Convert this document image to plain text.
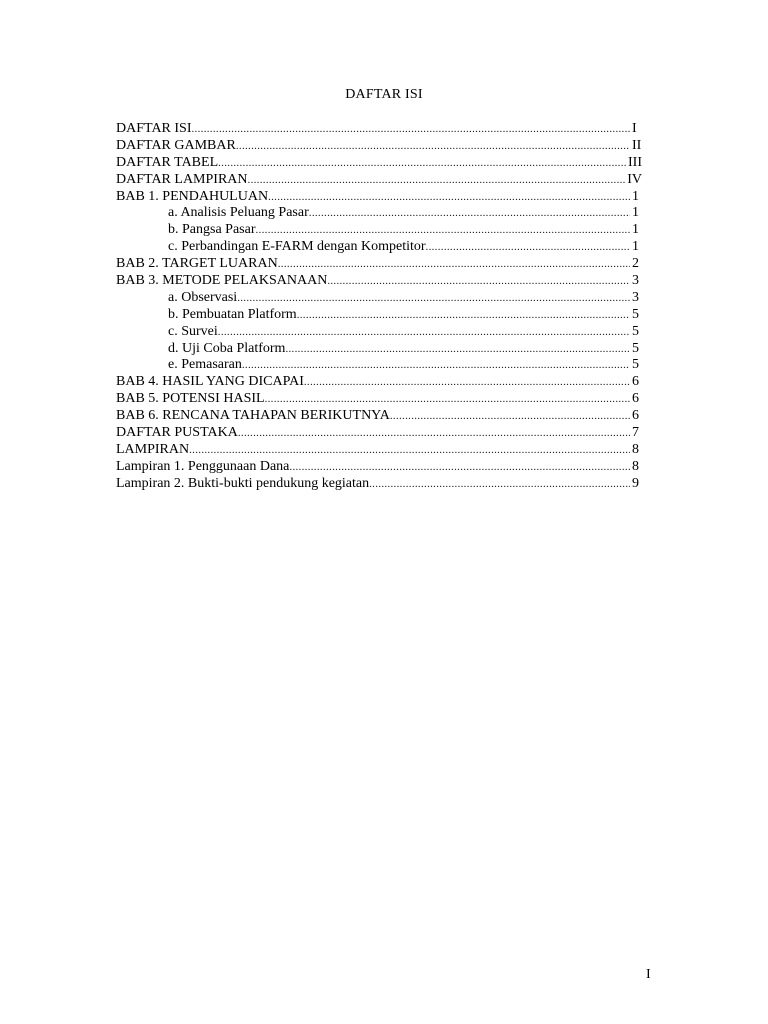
DAFTAR ISI
DAFTAR ISI .....	I
DAFTAR GAMBAR .....	II
DAFTAR TABEL .....	III
DAFTAR LAMPIRAN .....	IV
BAB 1. PENDAHULUAN .....	1
a. Analisis Peluang Pasar .....	1
b. Pangsa Pasar .....	1
c. Perbandingan E-FARM dengan Kompetitor .....	1
BAB 2. TARGET LUARAN .....	2
BAB 3. METODE PELAKSANAAN .....	3
a. Observasi .....	3
b. Pembuatan Platform .....	5
c. Survei .....	5
d. Uji Coba Platform .....	5
e. Pemasaran .....	5
BAB 4. HASIL YANG DICAPAI .....	6
BAB 5. POTENSI HASIL .....	6
BAB 6. RENCANA TAHAPAN BERIKUTNYA .....	6
DAFTAR PUSTAKA .....	7
LAMPIRAN .....	8
Lampiran 1. Penggunaan Dana .....	8
Lampiran 2. Bukti-bukti pendukung kegiatan .....	9
I
